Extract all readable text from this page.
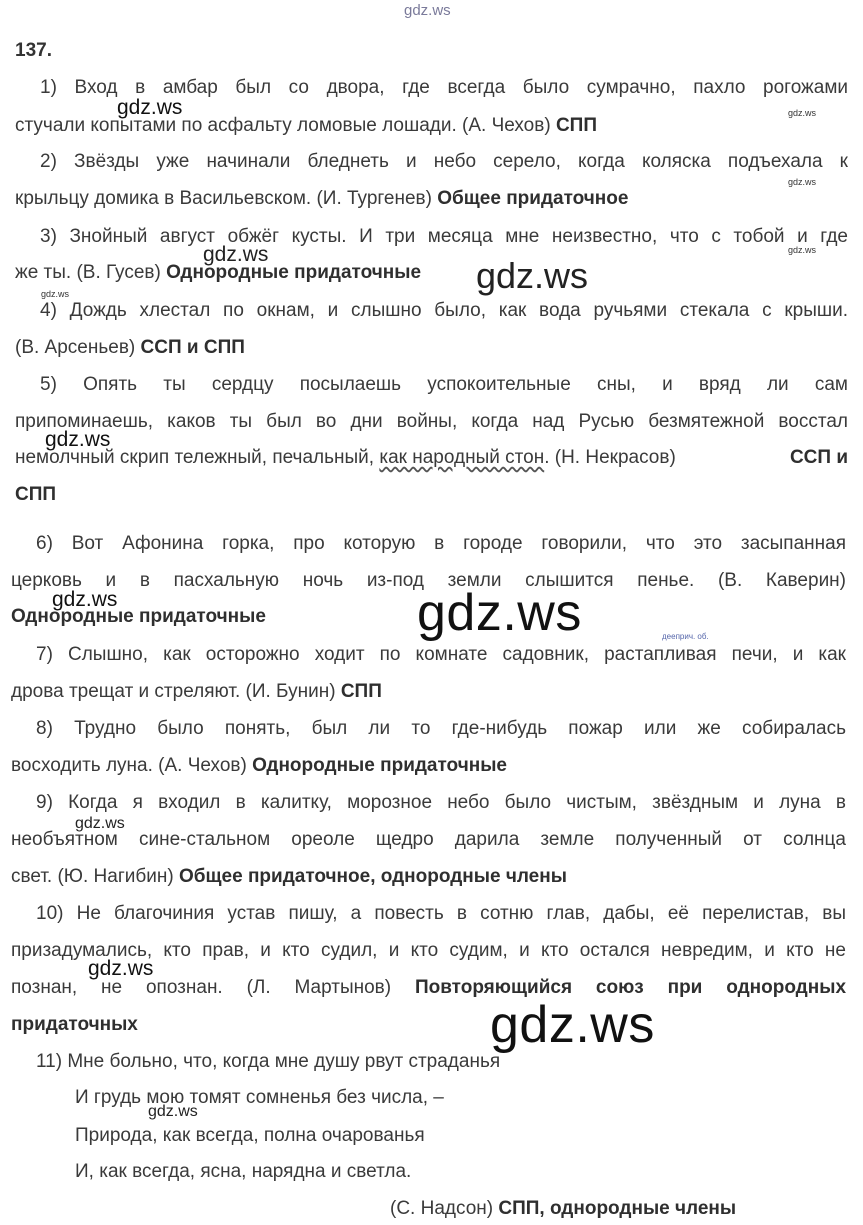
gdz.ws
137.
1) Вход в амбар был со двора, где всегда было сумрачно, пахло рогожами
стучали копытами по асфальту ломовые лошади. (А. Чехов) СПП
2) Звёзды уже начинали бледнеть и небо серело, когда коляска подъехала к
крыльцу домика в Васильевском. (И. Тургенев) Общее придаточное
3) Знойный август обжёг кусты. И три месяца мне неизвестно, что с тобой и где
же ты. (В. Гусев) Однородные придаточные
4) Дождь хлестал по окнам, и слышно было, как вода ручьями стекала с крыши.
(В. Арсеньев) ССП и СПП
5) Опять ты сердцу посылаешь успокоительные сны, и вряд ли сам
припоминаешь, каков ты был во дни войны, когда над Русью безмятежной восстал
немолчный скрип тележный, печальный, как народный стон. (Н. Некрасов)	ССП и
СПП
6) Вот Афонина горка, про которую в городе говорили, что это засыпанная
церковь и в пасхальную ночь из-под земли слышится пенье. (В. Каверин)
Однородные придаточные
7) Слышно, как осторожно ходит по комнате садовник, растапливая печи, и как
дрова трещат и стреляют. (И. Бунин) СПП
8) Трудно было понять, был ли то где-нибудь пожар или же собиралась
восходить луна. (А. Чехов) Однородные придаточные
9) Когда я входил в калитку, морозное небо было чистым, звёздным и луна в
необъятном сине-стальном ореоле щедро дарила земле полученный от солнца
свет. (Ю. Нагибин) Общее придаточное, однородные члены
10) Не благочиния устав пишу, а повесть в сотню глав, дабы, её перелистав, вы
призадумались, кто прав, и кто судил, и кто судим, и кто остался невредим, и кто не
познан, не опознан. (Л. Мартынов) Повторяющийся союз при однородных
придаточных
11) Мне больно, что, когда мне душу рвут страданья
И грудь мою томят сомненья без числа, –
Природа, как всегда, полна очарованья
И, как всегда, ясна, нарядна и светла.
(С. Надсон) СПП, однородные члены
деeприч. об.
gdz.ws	gdz.ws
gdz.ws
gdz.ws
gdz.ws
gdz.ws
gdz.ws
gdz.ws
gdz.ws	gdz.ws
gdz.ws
gdz.ws
gdz.ws
gdz.ws
